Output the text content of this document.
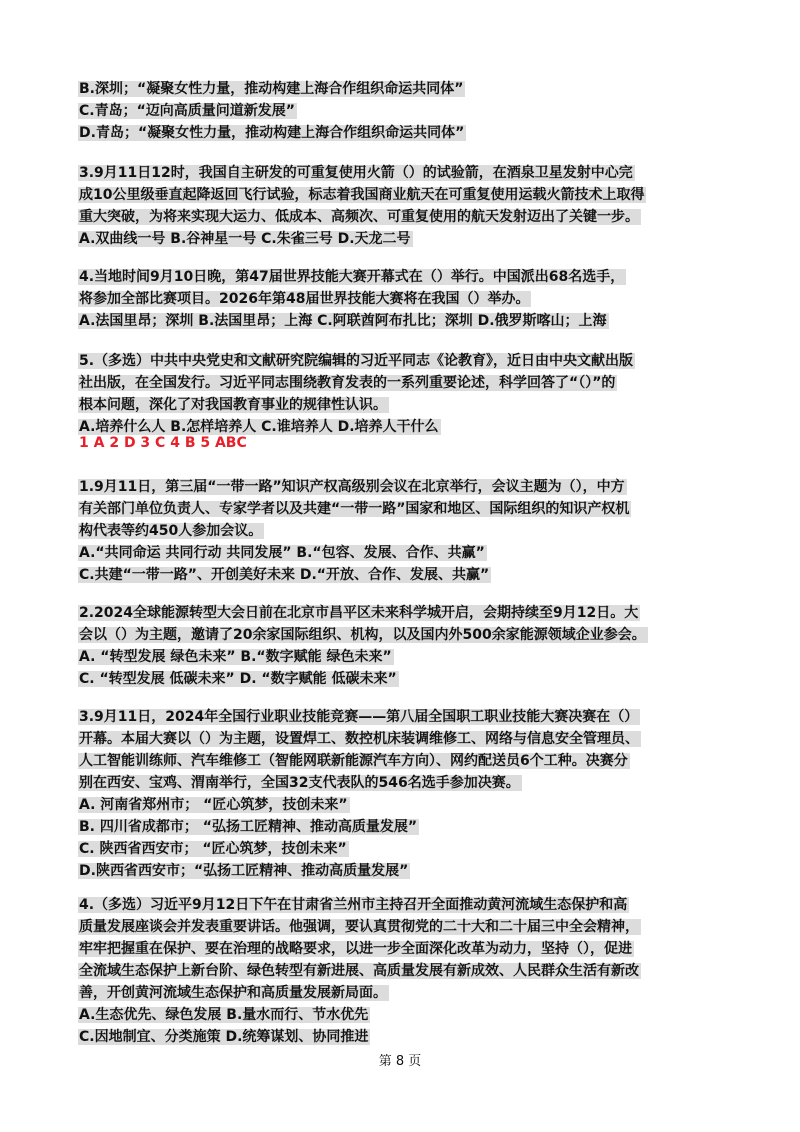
B.深圳；“凝聚女性力量，推动构建上海合作组织命运共同体”
C.青岛；“迈向高质量问道新发展”
D.青岛；“凝聚女性力量，推动构建上海合作组织命运共同体”
3.9月11日12时，我国自主研发的可重复使用火箭（）的试验箭，在酒泉卫星发射中心完
成10公里级垂直起降返回飞行试验，标志着我国商业航天在可重复使用运载火箭技术上取得
重大突破，为将来实现大运力、低成本、高频次、可重复使用的航天发射迈出了关键一步。
A.双曲线一号 B.谷神星一号 C.朱雀三号 D.天龙二号
4.当地时间9月10日晚，第47届世界技能大赛开幕式在（）举行。中国派出68名选手，
将参加全部比赛项目。2026年第48届世界技能大赛将在我国（）举办。
A.法国里昂；深圳 B.法国里昂；上海 C.阿联酋阿布扎比；深圳 D.俄罗斯喀山；上海
5.（多选）中共中央党史和文献研究院编辑的习近平同志《论教育》，近日由中央文献出版
社出版，在全国发行。习近平同志围绕教育发表的一系列重要论述，科学回答了“（）”的
根本问题，深化了对我国教育事业的规律性认识。
A.培养什么人 B.怎样培养人 C.谁培养人 D.培养人干什么
1 A 2 D 3 C 4 B 5 ABC
1.9月11日，第三届“一带一路”知识产权高级别会议在北京举行，会议主题为（），中方
有关部门单位负责人、专家学者以及共建“一带一路”国家和地区、国际组织的知识产权机
构代表等约450人参加会议。
A.“共同命运 共同行动 共同发展” B.“包容、发展、合作、共赢”
C.共建“一带一路”、开创美好未来 D.“开放、合作、发展、共赢”
2.2024全球能源转型大会日前在北京市昌平区未来科学城开启，会期持续至9月12日。大
会以（）为主题，邀请了20余家国际组织、机构，以及国内外500余家能源领域企业参会。
A. “转型发展 绿色未来” B.“数字赋能 绿色未来”
C. “转型发展 低碳未来” D. “数字赋能 低碳未来”
3.9月11日，2024年全国行业职业技能竞赛——第八届全国职工职业技能大赛决赛在（）
开幕。本届大赛以（）为主题，设置焊工、数控机床装调维修工、网络与信息安全管理员、
人工智能训练师、汽车维修工（智能网联新能源汽车方向）、网约配送员6个工种。决赛分
别在西安、宝鸡、渭南举行，全国32支代表队的546名选手参加决赛。
A. 河南省郑州市； “匠心筑梦，技创未来”
B. 四川省成都市； “弘扬工匠精神、推动高质量发展”
C. 陕西省西安市； “匠心筑梦，技创未来”
D.陕西省西安市；“弘扬工匠精神、推动高质量发展”
4.（多选）习近平9月12日下午在甘肃省兰州市主持召开全面推动黄河流域生态保护和高
质量发展座谈会并发表重要讲话。他强调，要认真贯彻党的二十大和二十届三中全会精神，
牢牢把握重在保护、要在治理的战略要求，以进一步全面深化改革为动力，坚持（），促进
全流域生态保护上新台阶、绿色转型有新进展、高质量发展有新成效、人民群众生活有新改
善，开创黄河流域生态保护和高质量发展新局面。
A.生态优先、绿色发展 B.量水而行、节水优先
C.因地制宜、分类施策 D.统筹谋划、协同推进
第 8 页
